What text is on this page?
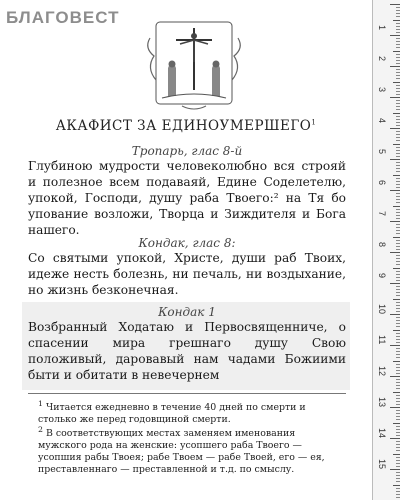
БЛАГОВЕСТ
АКАФИСТ ЗА ЕДИНОУМЕРШЕГО$^1$

Тропарь, глас 8-й

Глубиною мудрости человеколюбно вся строяй и полезное всем подаваяй, Едине Соделетелю, упокой, Господи, душу раба Твоего:² на Тя бо упование возложи, Творца и Зиждителя и Бога нашего.

Кондак, глас 8:

Со святыми упокой, Христе, души раб Твоих, идеже несть болезнь, ни печаль, ни воздыхание, но жизнь безконечная.

Кондак 1

Возбранный Ходатаю и Первосвященниче, о спасении мира грешнаго душу Свою положивый, даровавый нам чадами Божиими быти и обитати в невечернем

$^1$ Читается ежедневно в течение 40 дней по смерти и столько же перед годовщиной смерти.
$^2$ В соответствующих местах заменяем именования мужского рода на женские: усопшего раба Твоего — усопшия рабы Твоея; рабе Твоем — рабе Твоей, его — ея, преставленнаго — преставленной и т.д. по смыслу.
1
2
3
4
5
6
7
8
9
10
11
12
13
14
15
